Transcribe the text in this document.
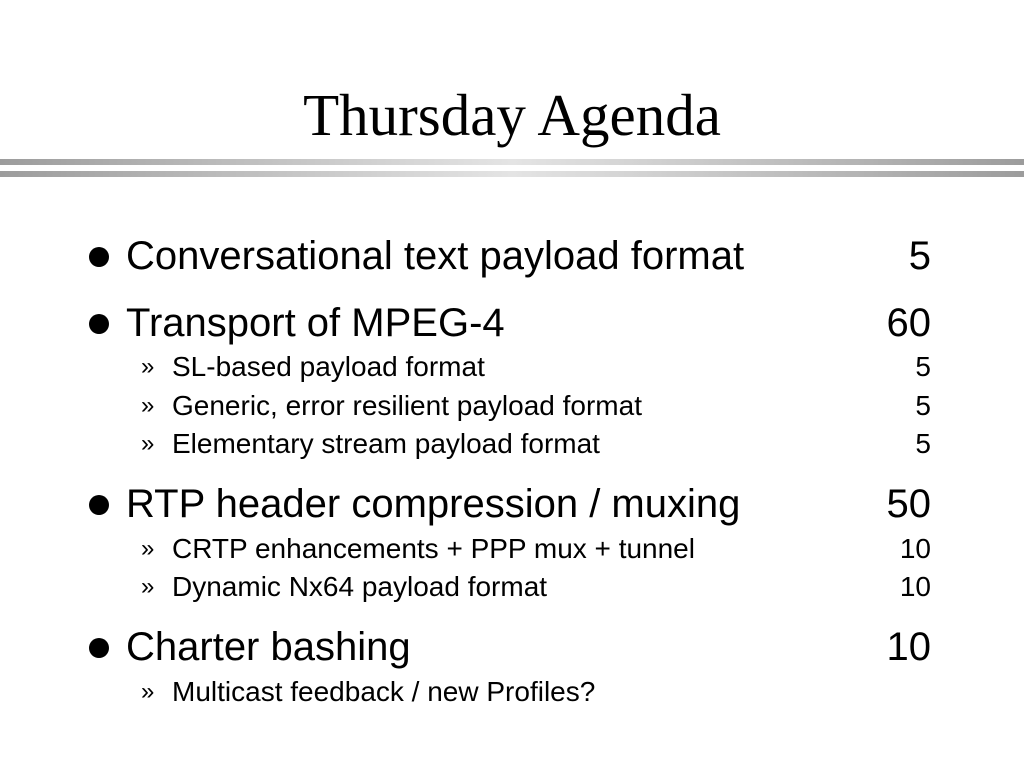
Thursday Agenda
Conversational text payload format	5
Transport of MPEG-4	60
» SL-based payload format	5
» Generic, error resilient payload format	5
» Elementary stream payload format	5
RTP header compression / muxing	50
» CRTP enhancements + PPP mux + tunnel	10
» Dynamic Nx64 payload format	10
Charter bashing	10
» Multicast feedback / new Profiles?
